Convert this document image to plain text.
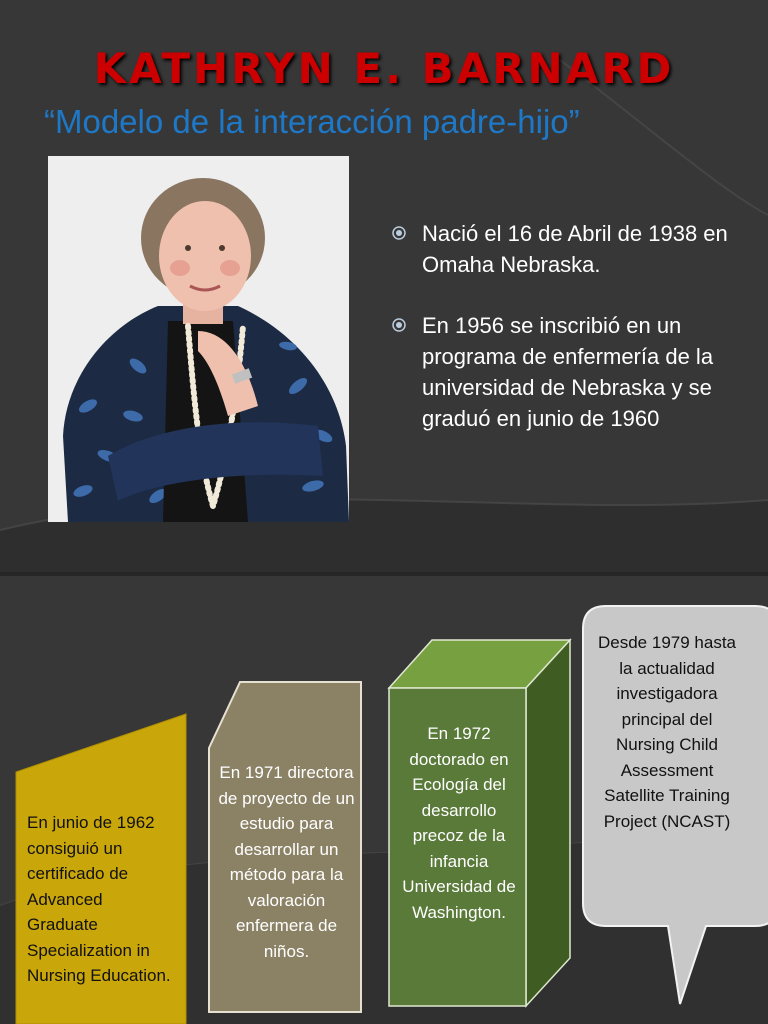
KATHRYN E. BARNARD
“Modelo de la interacción padre-hijo”
Nació el 16 de Abril de 1938 en Omaha Nebraska.
En 1956 se inscribió en un programa de enfermería de la universidad de Nebraska y se graduó en junio de 1960
En junio de 1962 consiguió un certificado de Advanced Graduate Specialization in Nursing Education.
En 1971 directora de proyecto de un estudio para desarrollar un método para la valoración enfermera de niños.
En 1972 doctorado en Ecología del desarrollo precoz de la infancia Universidad de Washington.
Desde 1979 hasta la actualidad investigadora principal del Nursing Child Assessment Satellite Training Project (NCAST)
